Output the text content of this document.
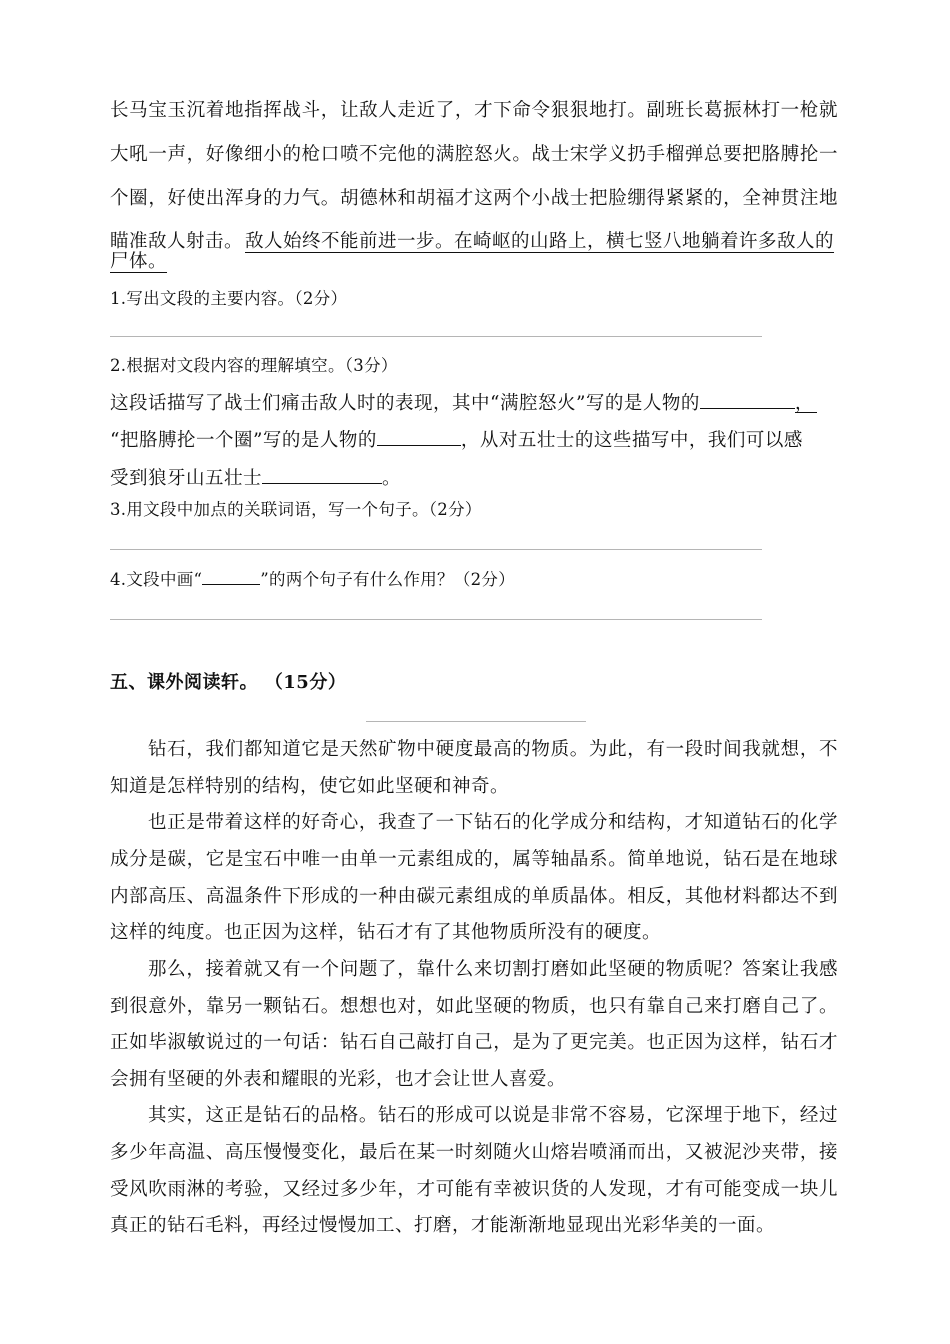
长马宝玉沉着地指挥战斗，让敌人走近了，才下命令狠狠地打。副班长葛振林打一枪就
大吼一声，好像细小的枪口喷不完他的满腔怒火。战士宋学义扔手榴弹总要把胳膊抡一
个圈，好使出浑身的力气。胡德林和胡福才这两个小战士把脸绷得紧紧的，全神贯注地
瞄准敌人射击。 敌人始终不能前进一步。在崎岖的山路上，横七竖八地躺着许多敌人的
尸体。
1.写出文段的主要内容。（2分）
2.根据对文段内容的理解填空。（3分）
这段话描写了战士们痛击敌人时的表现，其中“满腔怒火”写的是人物的	，
“把胳膊抡一个圈”写的是人物的	，从对五壮士的这些描写中，我们可以感
受到狼牙山五壮士	。
3.用文段中加点的关联词语，写一个句子。（2分）
4.文段中画“	”的两个句子有什么作用？（2分）
五、课外阅读轩。 （15分）
钻石，我们都知道它是天然矿物中硬度最高的物质。为此，有一段时间我就想，不
知道是怎样特别的结构，使它如此坚硬和神奇。
也正是带着这样的好奇心，我查了一下钻石的化学成分和结构，才知道钻石的化学
成分是碳，它是宝石中唯一由单一元素组成的，属等轴晶系。简单地说，钻石是在地球
内部高压、高温条件下形成的一种由碳元素组成的单质晶体。相反，其他材料都达不到
这样的纯度。也正因为这样，钻石才有了其他物质所没有的硬度。
那么，接着就又有一个问题了，靠什么来切割打磨如此坚硬的物质呢？答案让我感
到很意外，靠另一颗钻石。想想也对，如此坚硬的物质，也只有靠自己来打磨自己了。
正如毕淑敏说过的一句话：钻石自己敲打自己，是为了更完美。也正因为这样，钻石才
会拥有坚硬的外表和耀眼的光彩，也才会让世人喜爱。
其实，这正是钻石的品格。钻石的形成可以说是非常不容易，它深埋于地下，经过
多少年高温、高压慢慢变化，最后在某一时刻随火山熔岩喷涌而出，又被泥沙夹带，接
受风吹雨淋的考验，又经过多少年，才可能有幸被识货的人发现，才有可能变成一块儿
真正的钻石毛料，再经过慢慢加工、打磨，才能渐渐地显现出光彩华美的一面。
